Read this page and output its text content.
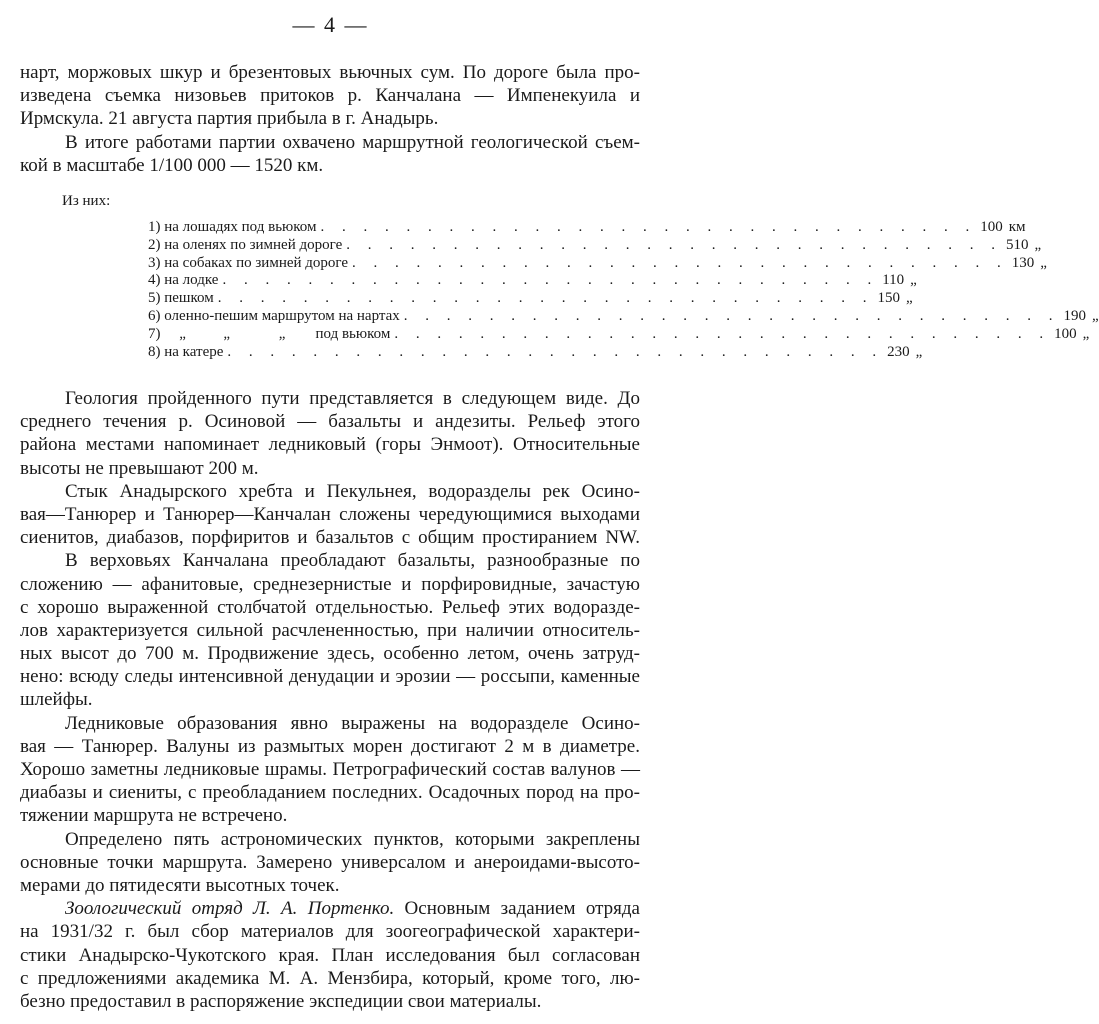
— 4 —
нарт, моржовых шкур и брезентовых вьючных сум. По дороге была про-
изведена съемка низовьев притоков р. Канчалана — Импенекуила и
Ирмскула. 21 августа партия прибыла в г. Анадырь.
В итоге работами партии охвачено маршрутной геологической съем-
кой в масштабе 1/100 000 — 1520 км.
Из них:
1) на лошадях под вьюком . . . . . . . . . . . . . . . . . . . . . . . . . . . . . . . 100 км
2) на оленях по зимней дороге . . . . . . . . . . . . . . . . . . . . . . . . . . . . . . . 510 „
3) на собаках по зимней дороге . . . . . . . . . . . . . . . . . . . . . . . . . . . . . . . 130 „
4) на лодке . . . . . . . . . . . . . . . . . . . . . . . . . . . . . . . 110 „
5) пешком . . . . . . . . . . . . . . . . . . . . . . . . . . . . . . . 150 „
6) оленно-пешим маршрутом на нартах . . . . . . . . . . . . . . . . . . . . . . . . . . . . . . . 190 „
7)     „          „             „        под вьюком . . . . . . . . . . . . . . . . . . . . . . . . . . . . . . . 100 „
8) на катере . . . . . . . . . . . . . . . . . . . . . . . . . . . . . . . 230 „
Геология пройденного пути представляется в следующем виде. До
среднего течения р. Осиновой — базальты и андезиты. Рельеф этого
района местами напоминает ледниковый (горы Энмоот). Относительные
высоты не превышают 200 м.
Стык Анадырского хребта и Пекульнея, водоразделы рек Осино-
вая—Танюрер и Танюрер—Канчалан сложены чередующимися выходами
сиенитов, диабазов, порфиритов и базальтов с общим простиранием NW.
В верховьях Канчалана преобладают базальты, разнообразные по
сложению — афанитовые, среднезернистые и порфировидные, зачастую
с хорошо выраженной столбчатой отдельностью. Рельеф этих водоразде-
лов характеризуется сильной расчлененностью, при наличии относитель-
ных высот до 700 м. Продвижение здесь, особенно летом, очень затруд-
нено: всюду следы интенсивной денудации и эрозии — россыпи, каменные
шлейфы.
Ледниковые образования явно выражены на водоразделе Осино-
вая — Танюрер. Валуны из размытых морен достигают 2 м в диаметре.
Хорошо заметны ледниковые шрамы. Петрографический состав валунов —
диабазы и сиениты, с преобладанием последних. Осадочных пород на про-
тяжении маршрута не встречено.
Определено пять астрономических пунктов, которыми закреплены
основные точки маршрута. Замерено универсалом и анероидами-высото-
мерами до пятидесяти высотных точек.
Зоологический отряд Л. А. Портенко. Основным заданием отряда
на 1931/32 г. был сбор материалов для зоогеографической характери-
стики Анадырско-Чукотского края. План исследования был согласован
с предложениями академика М. А. Мензбира, который, кроме того, лю-
безно предоставил в распоряжение экспедиции свои материалы.
